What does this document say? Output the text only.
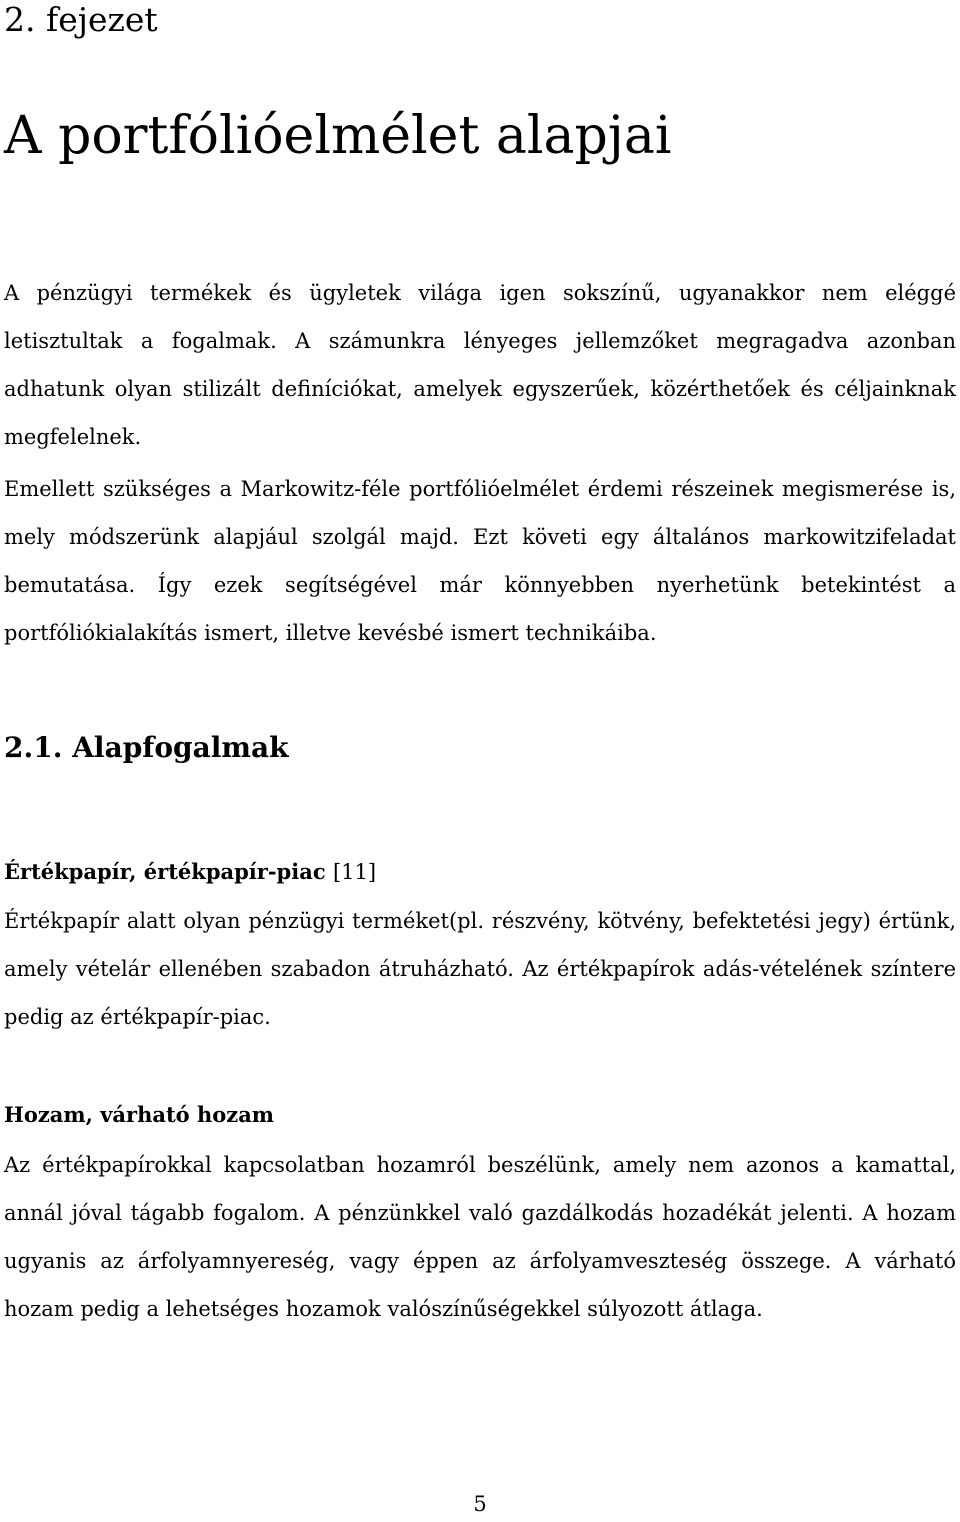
2. fejezet
A portfólióelmélet alapjai

A pénzügyi termékek és ügyletek világa igen sokszínű, ugyanakkor nem eléggé letisztultak a fogalmak. A számunkra lényeges jellemzőket megragadva azonban adhatunk olyan stilizált definíciókat, amelyek egyszerűek, közérthetőek és céljainknak megfelelnek.

Emellett szükséges a Markowitz-féle portfólióelmélet érdemi részeinek megismerése is, mely módszerünk alapjául szolgál majd. Ezt követi egy általános markowitzifeladat bemutatása. Így ezek segítségével már könnyebben nyerhetünk betekintést a portfóliókialakítás ismert, illetve kevésbé ismert technikáiba.

2.1. Alapfogalmak
Értékpapír, értékpapír-piac [11]

Értékpapír alatt olyan pénzügyi terméket(pl. részvény, kötvény, befektetési jegy) értünk, amely vételár ellenében szabadon átruházható. Az értékpapírok adás-vételének színtere pedig az értékpapír-piac.

Hozam, várható hozam

Az értékpapírokkal kapcsolatban hozamról beszélünk, amely nem azonos a kamattal, annál jóval tágabb fogalom. A pénzünkkel való gazdálkodás hozadékát jelenti. A hozam ugyanis az árfolyamnyereség, vagy éppen az árfolyamveszteség összege. A várható hozam pedig a lehetséges hozamok valószínűségekkel súlyozott átlaga.

5
